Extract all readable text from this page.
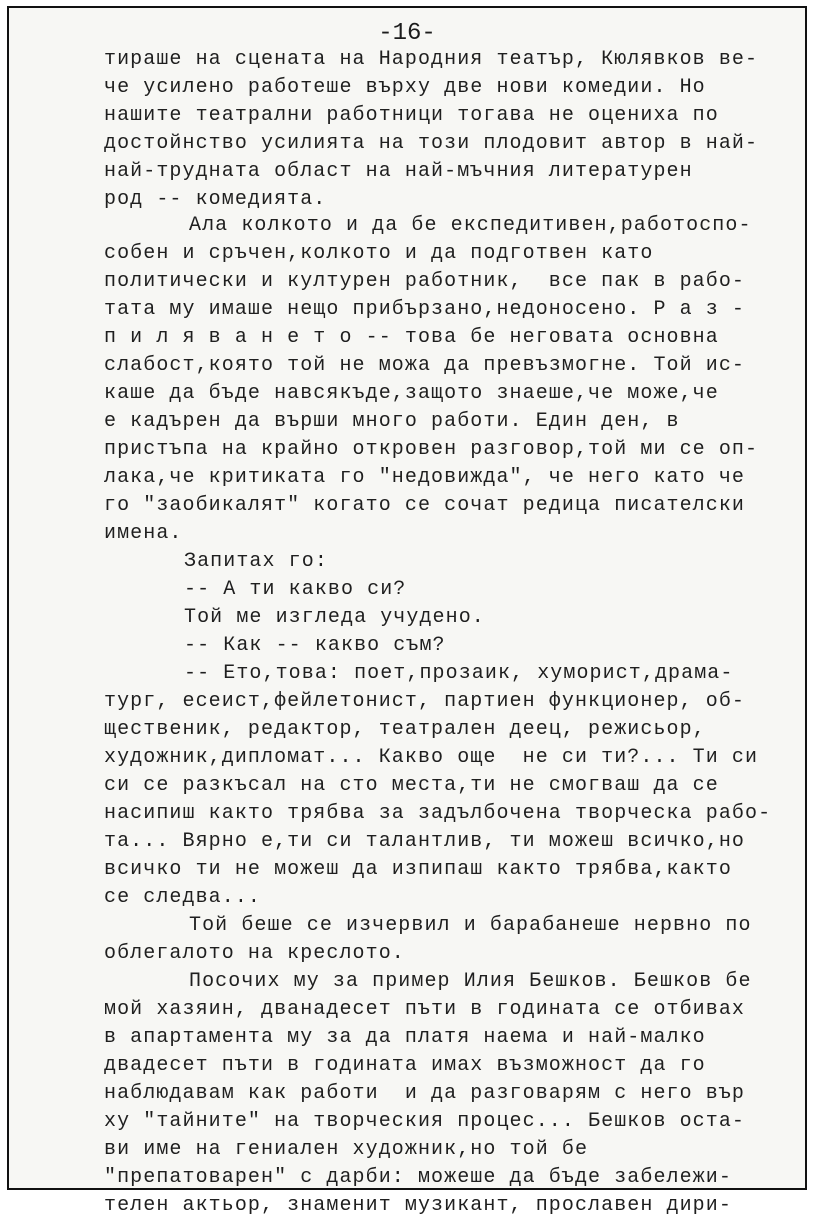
-16-
тираше на сцената на Народния театър, Кюлявков ве-
че усилено работеше върху две нови комедии. Но
нашите театрални работници тогава не оцениха по
достойнство усилията на този плодовит автор в най-
най-трудната област на най-мъчния литературен
род -- комедията.
Ала колкото и да бе експедитивен,работоспо-
собен и сръчен,колкото и да подготвен като
политически и културен работник,  все пак в рабо-
тата му имаше нещо прибързано,недоносено. Р а з -
п и л я в а н е т о -- това бе неговата основна
слабост,която той не можа да превъзмогне. Той ис-
каше да бъде навсякъде,защото знаеше,че може,че
е кадърен да върши много работи. Един ден, в
пристъпа на крайно откровен разговор,той ми се оп-
лака,че критиката го "недовижда", че него като че
го "заобикалят" когато се сочат редица писателски
имена.
Запитах го:
-- А ти какво си?
Той ме изгледа учудено.
-- Как -- какво съм?
-- Ето,това: поет,прозаик, хуморист,драма-
тург, есеист,фейлетонист, партиен функционер, об-
щественик, редактор, театрален деец, режисьор,
художник,дипломат... Какво още  не си ти?... Ти си
си се разкъсал на сто места,ти не смогваш да се
насипиш както трябва за задълбочена творческа рабо-
та... Вярно е,ти си талантлив, ти можеш всичко,но
всичко ти не можеш да изпипаш както трябва,както
се следва...
Той беше се изчервил и барабанеше нервно по
облегалото на креслото.
Посочих му за пример Илия Бешков. Бешков бе
мой хазяин, дванадесет пъти в годината се отбивах
в апартамента му за да платя наема и най-малко
двадесет пъти в годината имах възможност да го
наблюдавам как работи  и да разговарям с него вър
ху "тайните" на творческия процес... Бешков оста-
ви име на гениален художник,но той бе
"препатоварен" с дарби: можеше да бъде забележи-
телен актьор, знаменит музикант, прославен дири-
